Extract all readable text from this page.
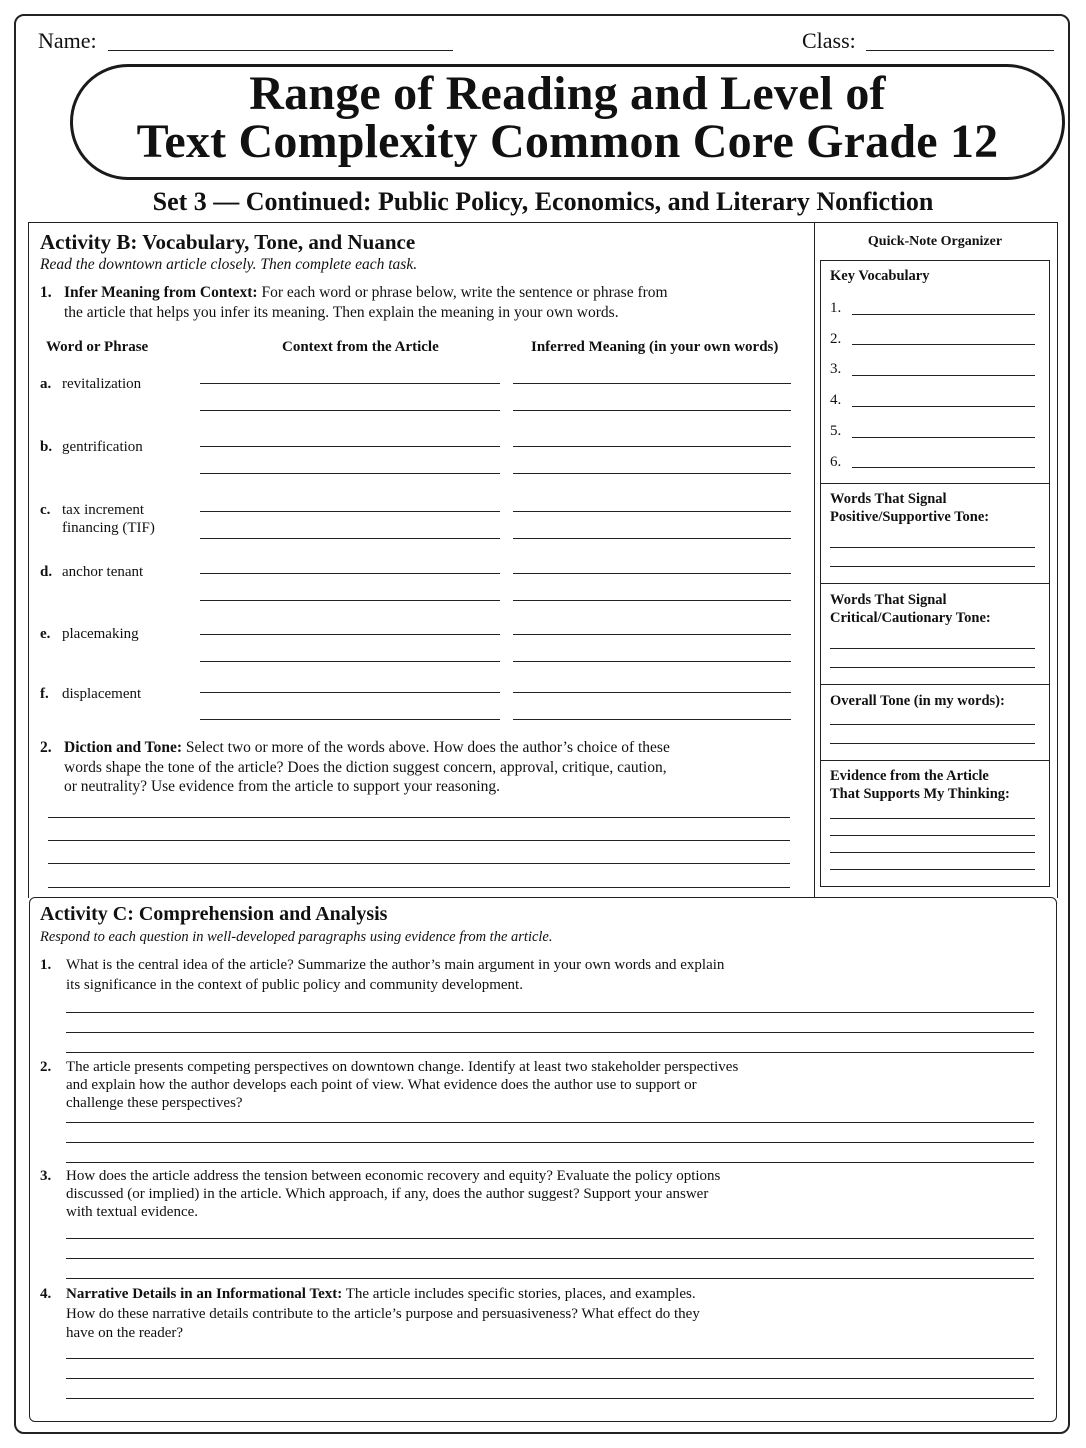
Name:	Class:
Range of Reading and Level of
Text Complexity Common Core Grade 12
Set 3 — Continued: Public Policy, Economics, and Literary Nonfiction
Activity B: Vocabulary, Tone, and Nuance
Read the downtown article closely. Then complete each task.
1. Infer Meaning from Context: For each word or phrase below, write the sentence or phrase from
the article that helps you infer its meaning. Then explain the meaning in your own words.
Word or Phrase	Context from the Article	Inferred Meaning (in your own words)
a. revitalization
b. gentrification
c. tax increment financing (TIF)
d. anchor tenant
e. placemaking
f. displacement
2. Diction and Tone: Select two or more of the words above. How does the author’s choice of these
words shape the tone of the article? Does the diction suggest concern, approval, critique, caution,
or neutrality? Use evidence from the article to support your reasoning.
Quick-Note Organizer
Key Vocabulary
1.
2.
3.
4.
5.
6.
Words That Signal
Positive/Supportive Tone:
Words That Signal
Critical/Cautionary Tone:
Overall Tone (in my words):
Evidence from the Article
That Supports My Thinking:
Activity C: Comprehension and Analysis
Respond to each question in well-developed paragraphs using evidence from the article.
1. What is the central idea of the article? Summarize the author’s main argument in your own words and explain
its significance in the context of public policy and community development.
2. The article presents competing perspectives on downtown change. Identify at least two stakeholder perspectives
and explain how the author develops each point of view. What evidence does the author use to support or
challenge these perspectives?
3. How does the article address the tension between economic recovery and equity? Evaluate the policy options
discussed (or implied) in the article. Which approach, if any, does the author suggest? Support your answer
with textual evidence.
4. Narrative Details in an Informational Text: The article includes specific stories, places, and examples.
How do these narrative details contribute to the article’s purpose and persuasiveness? What effect do they
have on the reader?
